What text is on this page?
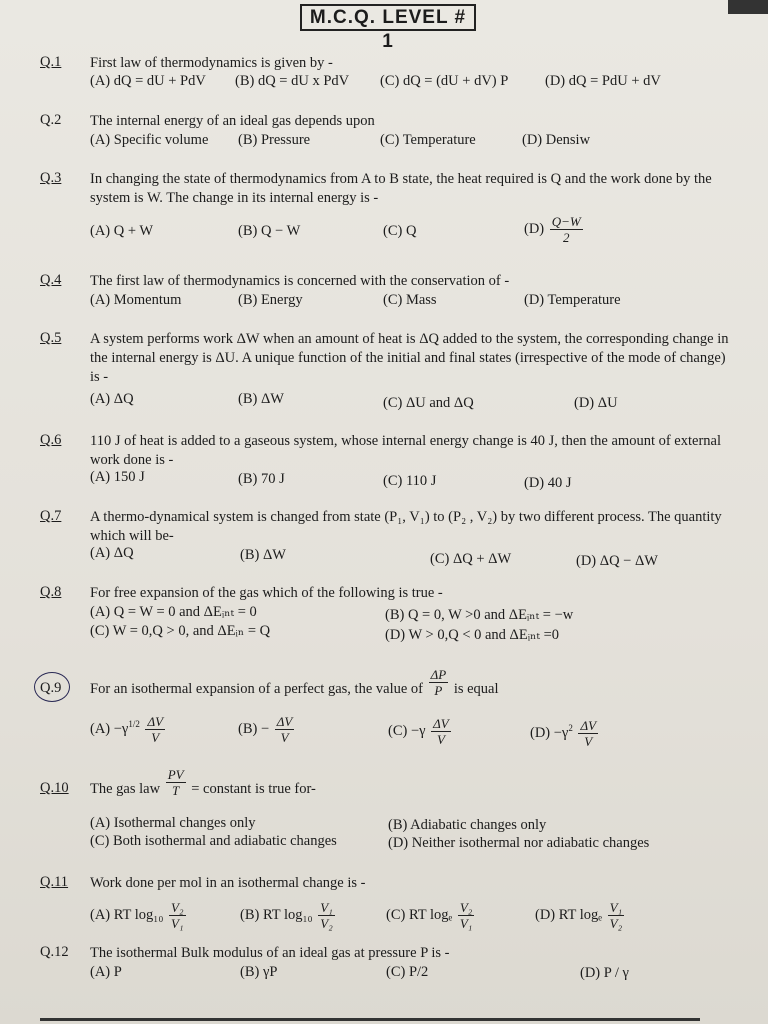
M.C.Q. LEVEL # 1
Q.1 First law of thermodynamics is given by -
(A) dQ = dU + PdV (B) dQ = dU x PdV (C) dQ = (dU + dV) P	(D) dQ = PdU + dV
Q.2 The internal energy of an ideal gas depends upon
(A) Specific volume (B) Pressure	(C) Temperature	(D) Densiw
Q.3 In changing the state of thermodynamics from A to B state, the heat required is Q and the work done by the system is W. The change in its internal energy is -
(A) Q + W	(B) Q − W	(C) Q	$(D) \frac{Q-W}{2}$
Q.4 The first law of thermodynamics is concerned with the conservation of -
(A) Momentum	(B) Energy	(C) Mass	(D) Temperature
Q.5 A system performs work ΔW when an amount of heat is ΔQ added to the system, the corresponding change in the internal energy is ΔU. A unique function of the initial and final states (irrespective of the mode of change) is -
(A) ΔQ	(B) ΔW	(C) ΔU and ΔQ	(D) ΔU
Q.6 110 J of heat is added to a gaseous system, whose internal energy change is 40 J, then the amount of external work done is -
(A) 150 J	(B) 70 J	(C) 110 J	(D) 40 J
Q.7 A thermo-dynamical system is changed from state (P₁, V₁) to (P₂ , V₂) by two different process. The quantity which will be-
(A) ΔQ	(B) ΔW	(C) ΔQ + ΔW	(D) ΔQ − ΔW
Q.8 For free expansion of the gas which of the following is true -
(A) Q = W = 0 and ΔEᵢₙₜ = 0	(B) Q = 0, W >0 and ΔEᵢₙₜ = −w
(C) W = 0,Q > 0, and ΔEᵢₙ = Q	(D) W > 0,Q < 0 and ΔEᵢₙₜ =0
Q.9 For an isothermal expansion of a perfect gas, the value of $\frac{\Delta P}{P}$ is equal
$(A) -\gamma^{1/2} \frac{\Delta V}{V}$	$(B) - \frac{\Delta V}{V}$	$(C) -\gamma \frac{\Delta V}{V}$	$(D) -\gamma^2 \frac{\Delta V}{V}$
Q.10 The gas law $\frac{PV}{T}$ = constant is true for-
(A) Isothermal changes only	(B) Adiabatic changes only
(C) Both isothermal and adiabatic changes	(D) Neither isothermal nor adiabatic changes
Q.11 Work done per mol in an isothermal change is -
(A) RT $\log_{10} \frac{\text{V₂}}{\text{V₁}}$	(B) RT $\log_{10} \frac{\text{V₁}}{\text{V₂}}$	(C) RT logₑ $\frac{\text{V₂}}{\text{V₁}}$	(D) RT logₑ $\frac{\text{V₁}}{\text{V₂}}$
Q.12 The isothermal Bulk modulus of an ideal gas at pressure P is -
(A) P	(B) γP	(C) P/2	(D) P / γ
